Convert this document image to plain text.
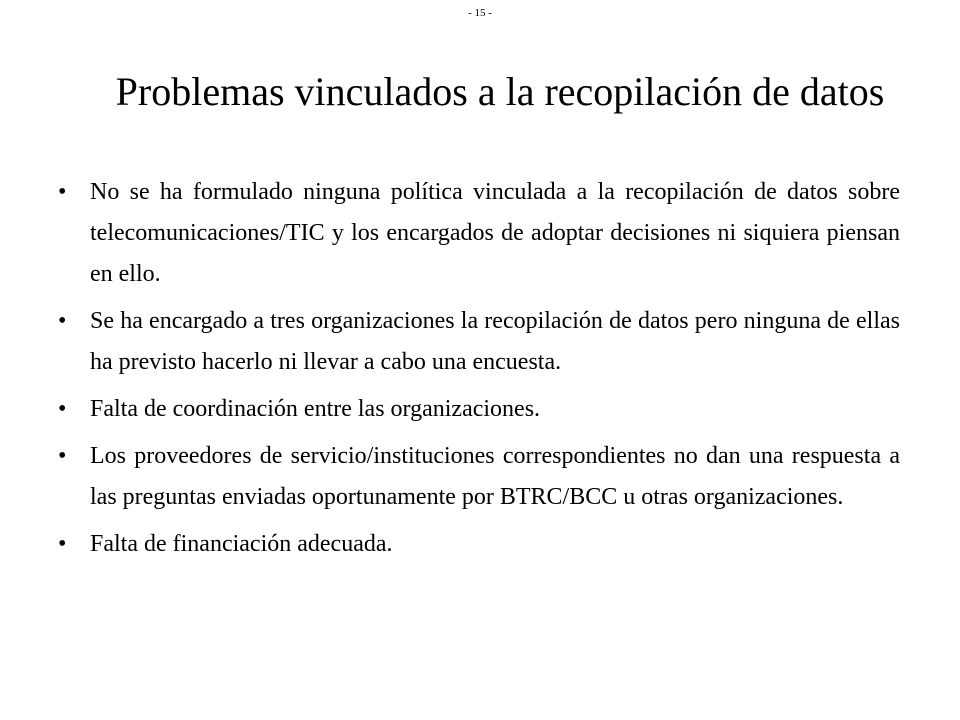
- 15 -
Problemas vinculados a la recopilación de datos
• No se ha formulado ninguna política vinculada a la recopilación de datos sobre telecomunicaciones/TIC y los encargados de adoptar decisiones ni siquiera piensan en ello.
• Se ha encargado a tres organizaciones la recopilación de datos pero ninguna de ellas ha previsto hacerlo ni llevar a cabo una encuesta.
• Falta de coordinación entre las organizaciones.
• Los proveedores de servicio/instituciones correspondientes no dan una respuesta a las preguntas enviadas oportunamente por BTRC/BCC u otras organizaciones.
• Falta de financiación adecuada.
